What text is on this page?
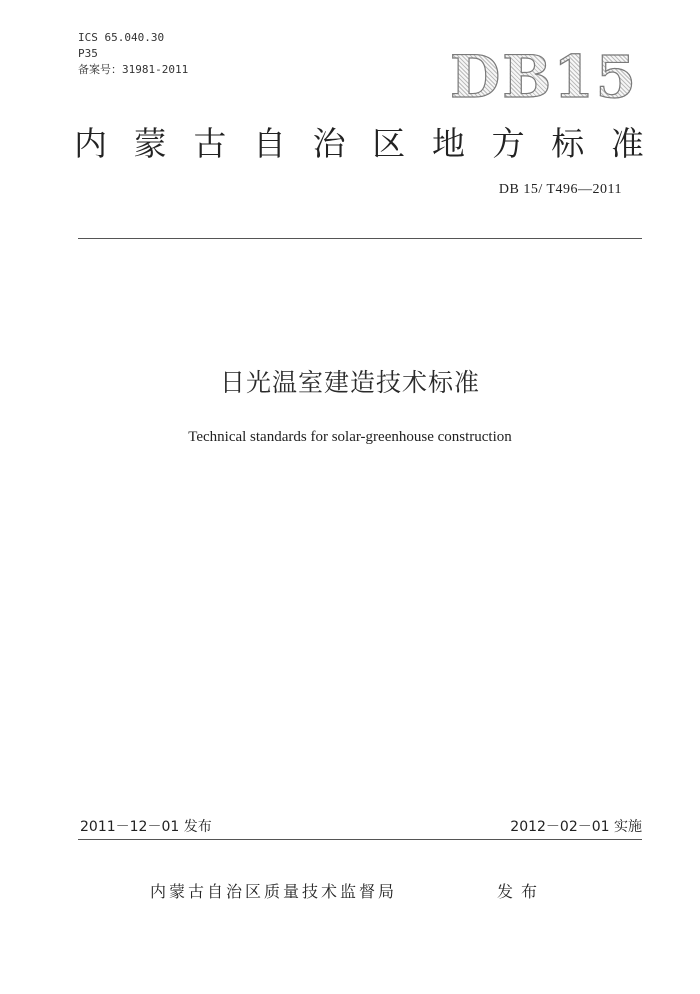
ICS 65.040.30
P35
备案号：31981-2011	DB15
内 蒙 古 自 治 区 地 方 标 准
DB 15/ T496—2011
日光温室建造技术标准
Technical standards for solar-greenhouse construction
2011－12－01 发布	2012－02－01 实施
内蒙古自治区质量技术监督局	发布
